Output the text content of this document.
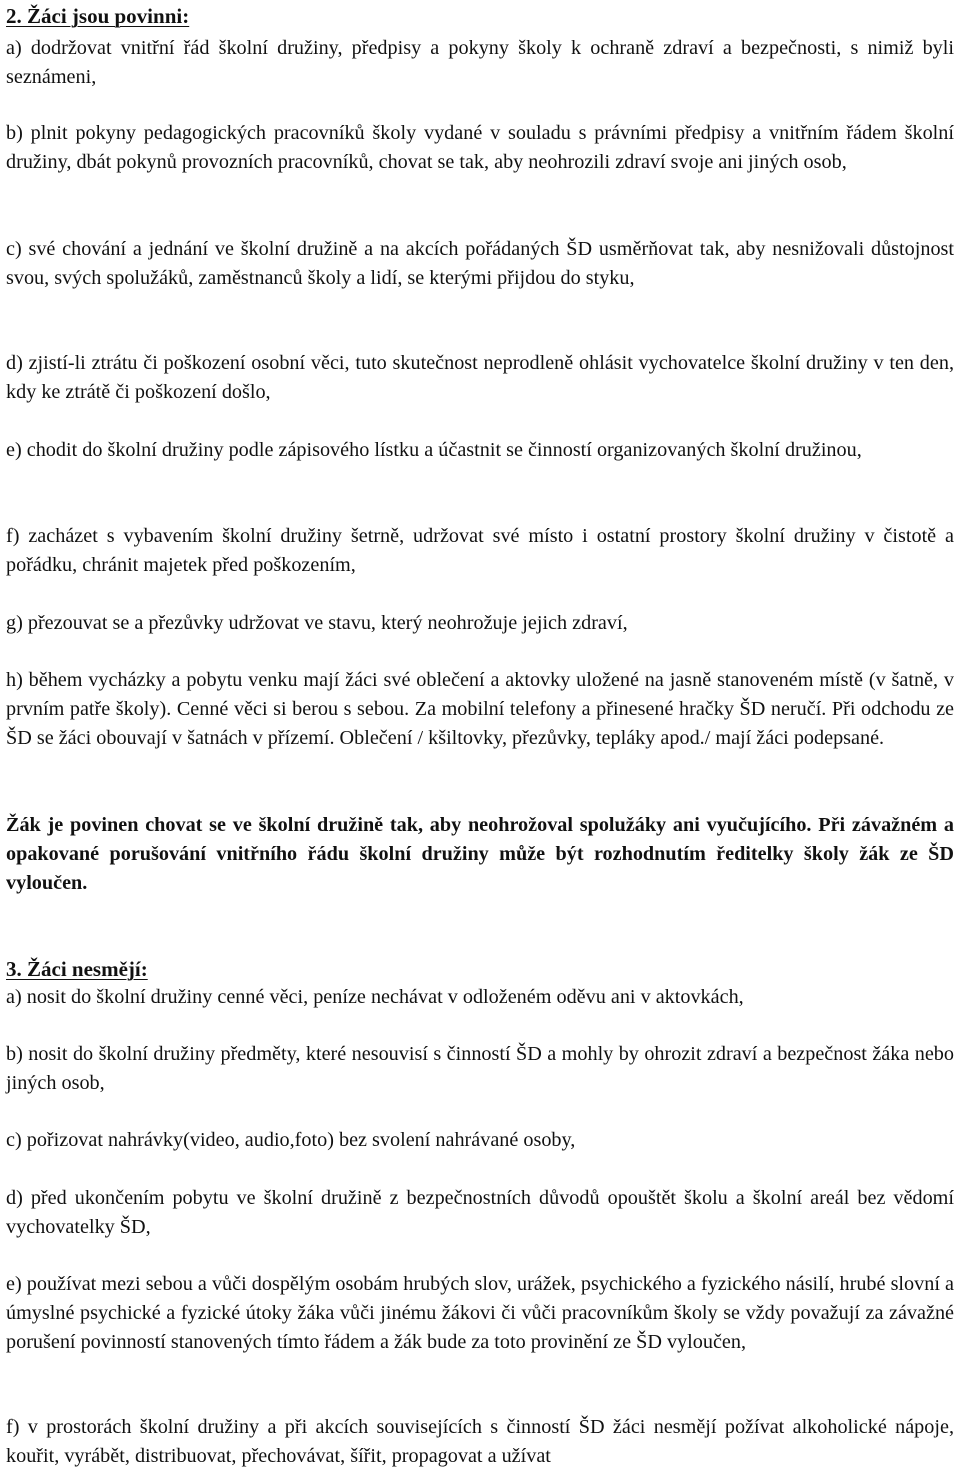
2. Žáci jsou povinni:

a) dodržovat vnitřní řád školní družiny, předpisy a pokyny školy k ochraně zdraví a bezpečnosti, s nimiž byli seznámeni,

b) plnit pokyny pedagogických pracovníků školy vydané v souladu s právními předpisy a vnitřním řádem školní družiny, dbát pokynů provozních pracovníků, chovat se tak, aby neohrozili zdraví svoje ani jiných osob,

c) své chování a jednání ve školní družině a na akcích pořádaných ŠD usměrňovat tak, aby nesnižovali důstojnost svou, svých spolužáků, zaměstnanců školy a lidí, se kterými přijdou do styku,

d) zjistí-li ztrátu či poškození osobní věci, tuto skutečnost neprodleně ohlásit vychovatelce školní družiny v ten den, kdy ke ztrátě či poškození došlo,

e) chodit do školní družiny podle zápisového lístku a účastnit se činností organizovaných školní družinou,

f) zacházet s vybavením školní družiny šetrně, udržovat své místo i ostatní prostory školní družiny v čistotě a pořádku, chránit majetek před poškozením,

g) přezouvat se a přezůvky udržovat ve stavu, který neohrožuje jejich zdraví,

h) během vycházky a pobytu venku mají žáci své oblečení a aktovky uložené na jasně stanoveném místě (v šatně, v prvním patře školy). Cenné věci si berou s sebou. Za mobilní telefony a přinesené hračky ŠD neručí. Při odchodu ze ŠD se žáci obouvají v šatnách v přízemí. Oblečení / kšiltovky, přezůvky, tepláky apod./ mají žáci podepsané.

Žák je povinen chovat se ve školní družině tak, aby neohrožoval spolužáky ani vyučujícího. Při závažném a opakované porušování vnitřního řádu školní družiny může být rozhodnutím ředitelky školy žák ze ŠD vyloučen.

3. Žáci nesmějí:

a) nosit do školní družiny cenné věci, peníze nechávat v odloženém oděvu ani v aktovkách,

b) nosit do školní družiny předměty, které nesouvisí s činností ŠD a mohly by ohrozit zdraví a bezpečnost žáka nebo jiných osob,

c) pořizovat nahrávky(video, audio,foto) bez svolení nahrávané osoby,

d) před ukončením pobytu ve školní družině z bezpečnostních důvodů opouštět školu a školní areál bez vědomí vychovatelky ŠD,

e) používat mezi sebou a vůči dospělým osobám hrubých slov, urážek, psychického a fyzického násilí, hrubé slovní a úmyslné psychické a fyzické útoky žáka vůči jinému žákovi či vůči pracovníkům školy se vždy považují za závažné porušení povinností stanovených tímto řádem a žák bude za toto provinění ze ŠD vyloučen,

f) v prostorách školní družiny a při akcích souvisejících s činností ŠD žáci nesmějí požívat alkoholické nápoje, kouřit, vyrábět, distribuovat, přechovávat, šířit, propagovat a užívat
